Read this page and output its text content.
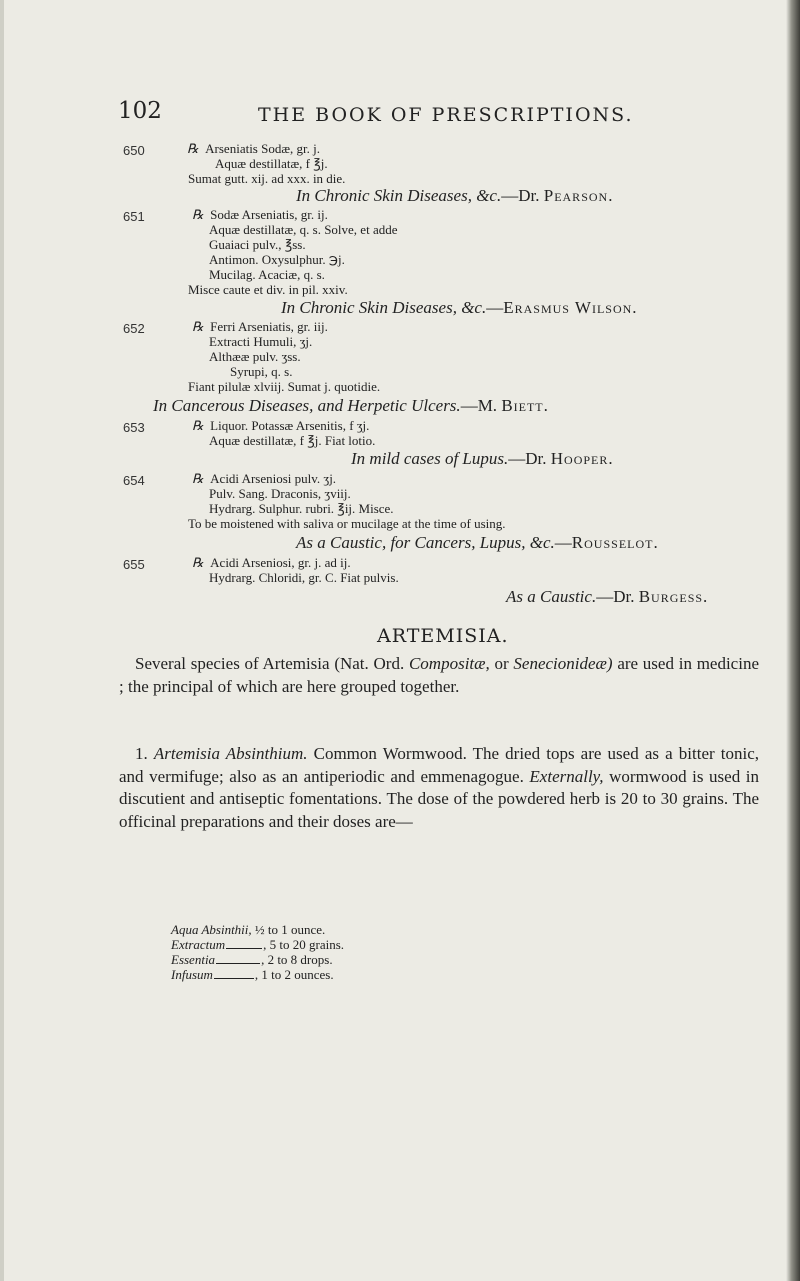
102	THE BOOK OF PRESCRIPTIONS.
650	℞ Arseniatis Sodæ, gr. j.
Aquæ destillatæ, f ℥j.
Sumat gutt. xij. ad xxx. in die.
In Chronic Skin Diseases, &c.—Dr. Pearson.
651	℞ Sodæ Arseniatis, gr. ij.
Aquæ destillatæ, q. s. Solve, et adde
Guaiaci pulv., ℥ss.
Antimon. Oxysulphur. ℈j.
Mucilag. Acaciæ, q. s.
Misce caute et div. in pil. xxiv.
In Chronic Skin Diseases, &c.—Erasmus Wilson.
652	℞ Ferri Arseniatis, gr. iij.
Extracti Humuli, ʒj.
Althææ pulv. ʒss.
Syrupi, q. s.
Fiant pilulæ xlviij. Sumat j. quotidie.
In Cancerous Diseases, and Herpetic Ulcers.—M. Biett.
653	℞ Liquor. Potassæ Arsenitis, f ʒj.
Aquæ destillatæ, f ℥j. Fiat lotio.
In mild cases of Lupus.—Dr. Hooper.
654	℞ Acidi Arseniosi pulv. ʒj.
Pulv. Sang. Draconis, ʒviij.
Hydrarg. Sulphur. rubri. ℥ij. Misce.
To be moistened with saliva or mucilage at the time of using.
As a Caustic, for Cancers, Lupus, &c.—Rousselot.
655	℞ Acidi Arseniosi, gr. j. ad ij.
Hydrarg. Chloridi, gr. C. Fiat pulvis.
As a Caustic.—Dr. Burgess.
ARTEMISIA.
Several species of Artemisia (Nat. Ord. Compositæ, or Senecionideæ) are used in medicine ; the principal of which are here grouped together.
1. Artemisia Absinthium. Common Wormwood. The dried tops are used as a bitter tonic, and vermifuge; also as an antiperiodic and emmenagogue. Externally, wormwood is used in discutient and antiseptic fomentations. The dose of the powdered herb is 20 to 30 grains. The officinal preparations and their doses are—
Aqua Absinthii, ½ to 1 ounce.
Extractum	, 5 to 20 grains.
Essentia	, 2 to 8 drops.
Infusum	, 1 to 2 ounces.
